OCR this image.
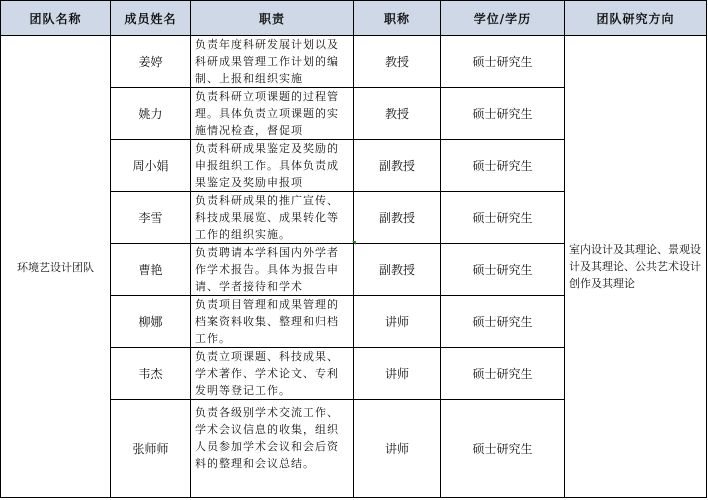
团队名称	成员姓名	职责	职称	学位/学历	团队研究方向
环境艺设计团队	姜婷	负责年度科研发展计划以及科研成果管理工作计划的编制、上报和组织实施	教授	硕士研究生	室内设计及其理论、景观设计及其理论、公共艺术设计创作及其理论
	姚力	负责科研立项课题的过程管理。具体负责立项课题的实施情况检查，督促项	教授	硕士研究生	
	周小娟	负责科研成果鉴定及奖励的申报组织工作。具体负责成果鉴定及奖励申报项	副教授	硕士研究生	
	李雪	负责科研成果的推广宣传、科技成果展览、成果转化等工作的组织实施。	副教授	硕士研究生	
	曹艳	负责聘请本学科国内外学者作学术报告。具体为报告申请、学者接待和学术	副教授	硕士研究生	
	柳娜	负责项目管理和成果管理的档案资料收集、整理和归档工作。	讲师	硕士研究生	
	韦杰	负责立项课题、科技成果、学术著作、学术论文、专利发明等登记工作。	讲师	硕士研究生	
	张师师	负责各级别学术交流工作、学术会议信息的收集，组织人员参加学术会议和会后资料的整理和会议总结。	讲师	硕士研究生	
